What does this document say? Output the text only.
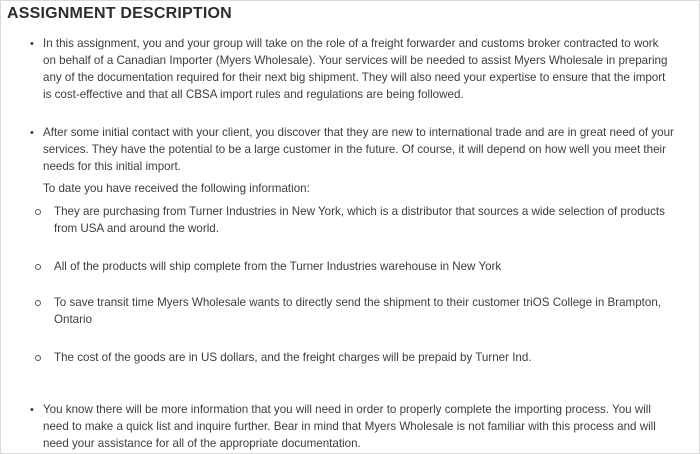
ASSIGNMENT DESCRIPTION
• In this assignment, you and your group will take on the role of a freight forwarder and customs broker contracted to work on behalf of a Canadian Importer (Myers Wholesale). Your services will be needed to assist Myers Wholesale in preparing any of the documentation required for their next big shipment. They will also need your expertise to ensure that the import is cost-effective and that all CBSA import rules and regulations are being followed.
• After some initial contact with your client, you discover that they are new to international trade and are in great need of your services. They have the potential to be a large customer in the future. Of course, it will depend on how well you meet their needs for this initial import.
To date you have received the following information:
They are purchasing from Turner Industries in New York, which is a distributor that sources a wide selection of products from USA and around the world.
All of the products will ship complete from the Turner Industries warehouse in New York
To save transit time Myers Wholesale wants to directly send the shipment to their customer triOS College in Brampton, Ontario
The cost of the goods are in US dollars, and the freight charges will be prepaid by Turner Ind.
• You know there will be more information that you will need in order to properly complete the importing process. You will need to make a quick list and inquire further. Bear in mind that Myers Wholesale is not familiar with this process and will need your assistance for all of the appropriate documentation.
